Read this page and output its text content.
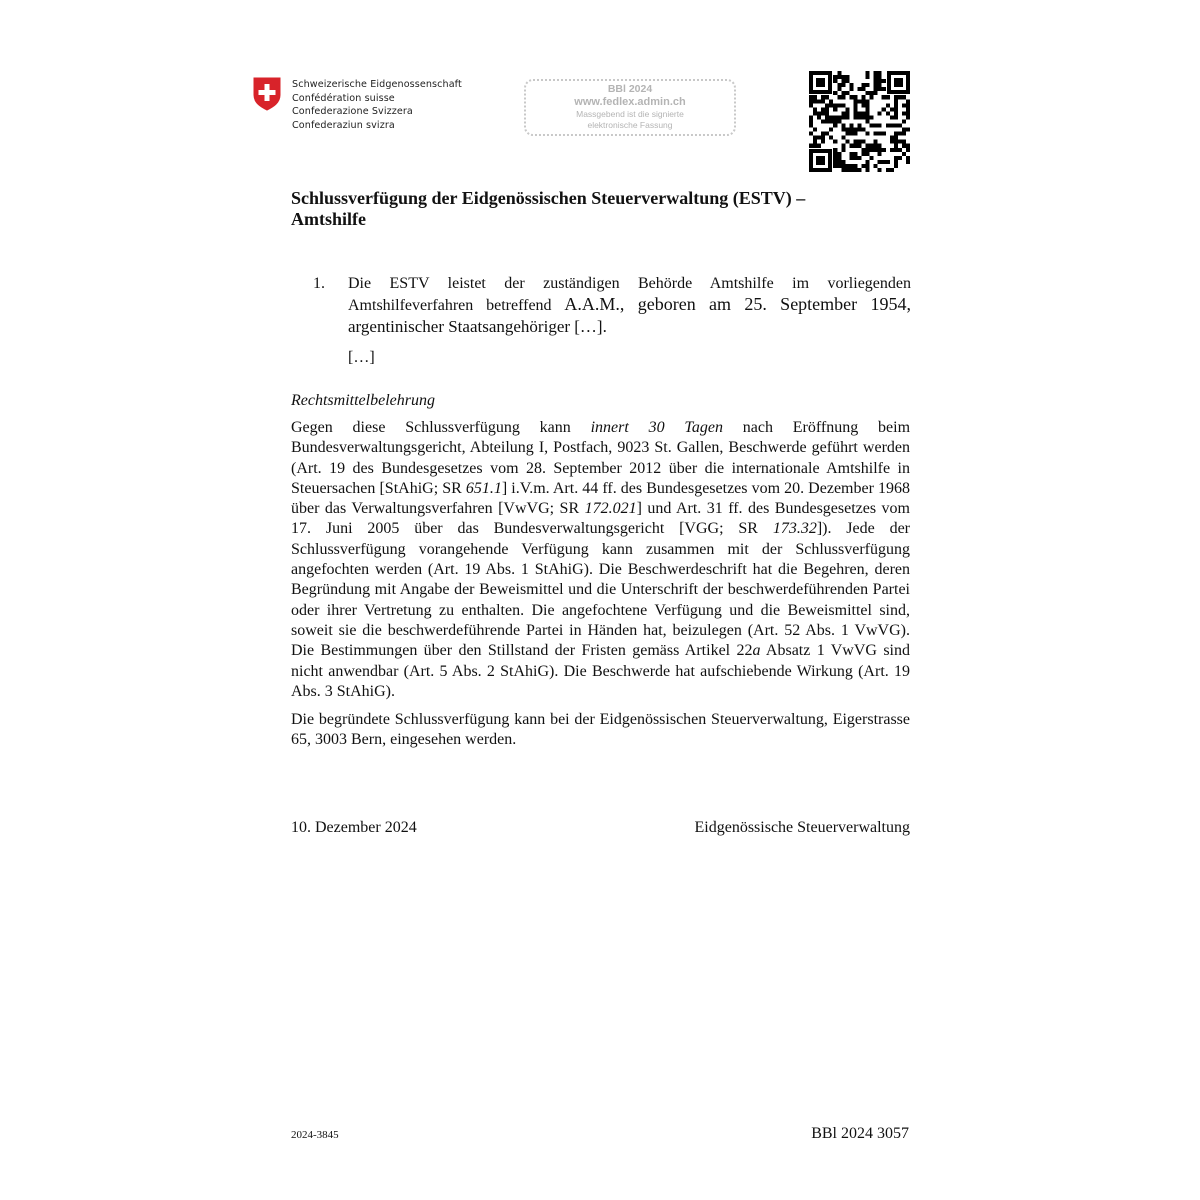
Schweizerische Eidgenossenschaft
Confédération suisse
Confederazione Svizzera
Confederaziun svizra
BBl 2024
www.fedlex.admin.ch
Massgebend ist die signierte
elektronische Fassung
Schlussverfügung der Eidgenössischen Steuerverwaltung (ESTV) –
Amtshilfe
1.	Die ESTV leistet der zuständigen Behörde Amtshilfe im vorliegenden Amtshilfeverfahren betreffend A.A.M., geboren am 25. September 1954, argentinischer Staatsangehöriger […].
[…]
Rechtsmittelbelehrung

Gegen diese Schlussverfügung kann innert 30 Tagen nach Eröffnung beim Bundesverwaltungsgericht, Abteilung I, Postfach, 9023 St. Gallen, Beschwerde geführt werden (Art. 19 des Bundesgesetzes vom 28. September 2012 über die internationale Amtshilfe in Steuersachen [StAhiG; SR 651.1] i.V.m. Art. 44 ff. des Bundesgesetzes vom 20. Dezember 1968 über das Verwaltungsverfahren [VwVG; SR 172.021] und Art. 31 ff. des Bundesgesetzes vom 17. Juni 2005 über das Bundesverwaltungsgericht [VGG; SR 173.32]). Jede der Schlussverfügung vorangehende Verfügung kann zusammen mit der Schlussverfügung angefochten werden (Art. 19 Abs. 1 StAhiG). Die Beschwerdeschrift hat die Begehren, deren Begründung mit Angabe der Beweismittel und die Unterschrift der beschwerdeführenden Partei oder ihrer Vertretung zu enthalten. Die angefochtene Verfügung und die Beweismittel sind, soweit sie die beschwerdeführende Partei in Händen hat, beizulegen (Art. 52 Abs. 1 VwVG). Die Bestimmungen über den Stillstand der Fristen gemäss Artikel 22a Absatz 1 VwVG sind nicht anwendbar (Art. 5 Abs. 2 StAhiG). Die Beschwerde hat aufschiebende Wirkung (Art. 19 Abs. 3 StAhiG).

Die begründete Schlussverfügung kann bei der Eidgenössischen Steuerverwaltung, Eigerstrasse 65, 3003 Bern, eingesehen werden.

10. Dezember 2024	Eidgenössische Steuerverwaltung
2024-3845	BBl 2024 3057
